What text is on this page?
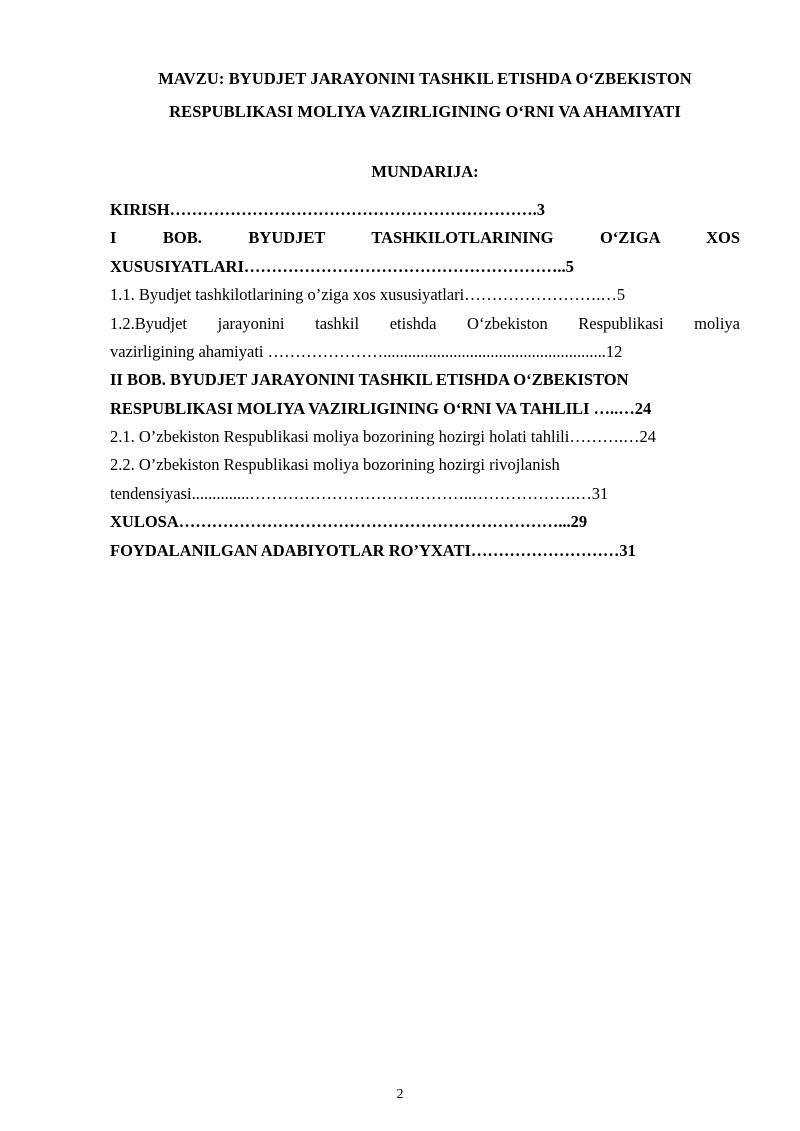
MAVZU: BYUDJET JARAYONINI TASHKIL ETISHDA O‘ZBEKISTON
RESPUBLIKASI MOLIYA VAZIRLIGINING O‘RNI VA AHAMIYATI
MUNDARIJA:
KIRISH………………………………………………………….3
I BOB. BYUDJET TASHKILOTLARINING O‘ZIGA XOS
XUSUSIYATLARI…………………………………………………..5
1.1. Byudjet tashkilotlarining o’ziga xos xususiyatlari…………………….…5
1.2.Byudjet jarayonini tashkil etishda O‘zbekiston Respublikasi moliya
vazirligining ahamiyati …………………......................................................12
II BOB. BYUDJET JARAYONINI TASHKIL ETISHDA O‘ZBEKISTON
RESPUBLIKASI MOLIYA VAZIRLIGINING O‘RNI VA TAHLILI …..…24
2.1. O’zbekiston Respublikasi moliya bozorining hozirgi holati tahlili……….…24
2.2. O’zbekiston Respublikasi moliya bozorining hozirgi rivojlanish
tendensiyasi..............…………………………………..……………….…31
XULOSA……………………………………………………………...29
FOYDALANILGAN ADABIYOTLAR RO’YXATI………………………31
2
